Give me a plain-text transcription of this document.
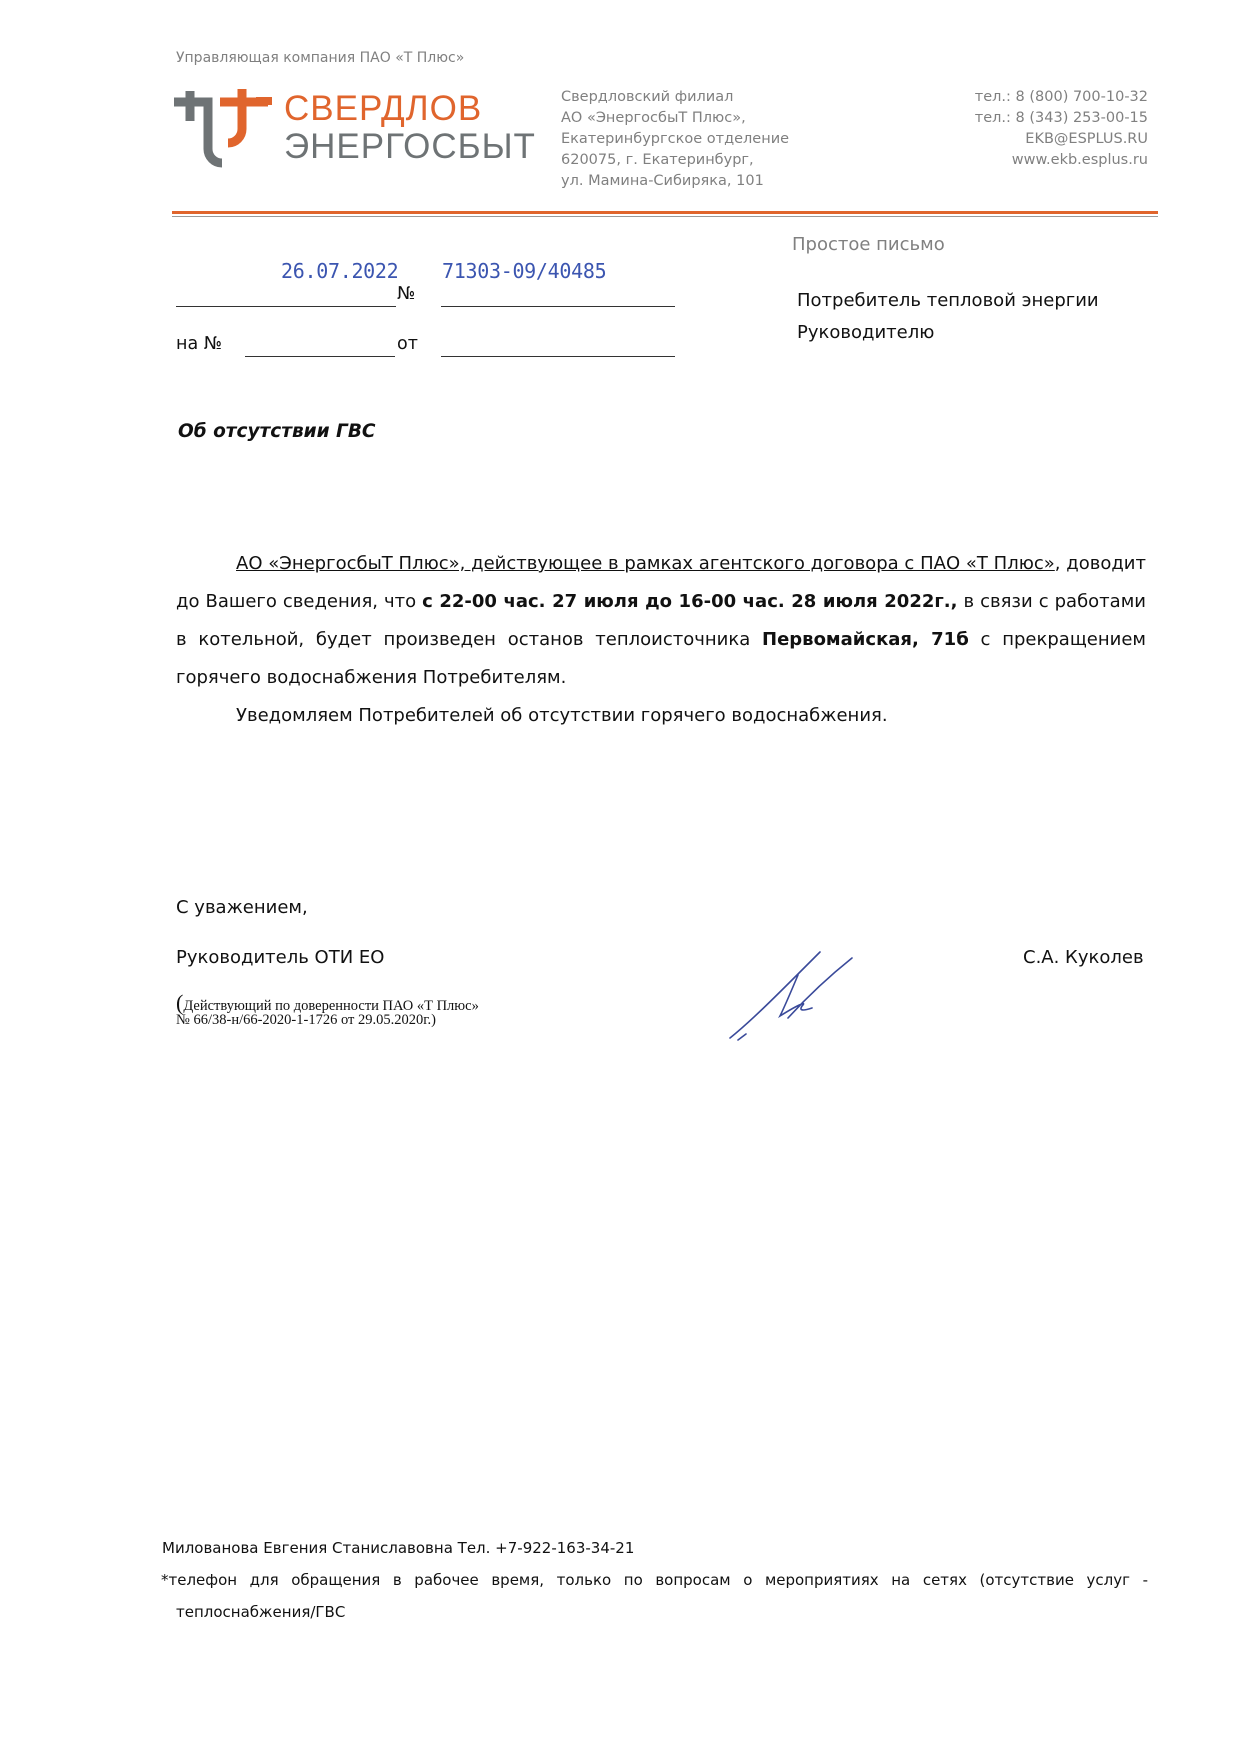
Управляющая компания ПАО «Т Плюс»
СВЕРДЛОВ
ЭНЕРГОСБЫТ
Свердловский филиал
АО «ЭнергосбыТ Плюс»,
Екатеринбургское отделение
620075, г. Екатеринбург,
ул. Мамина-Сибиряка, 101
тел.: 8 (800) 700-10-32
тел.: 8 (343) 253-00-15
EKB@ESPLUS.RU
www.ekb.esplus.ru
26.07.2022 71303-09/40485
№
на №	от
Простое письмо
Потребитель тепловой энергии
Руководителю
Об отсутствии ГВС

АО «ЭнергосбыТ Плюс», действующее в рамках агентского договора с ПАО «Т Плюс», доводит до Вашего сведения, что с 22-00 час. 27 июля до 16-00 час. 28 июля 2022г., в связи с работами в котельной, будет произведен останов теплоисточника Первомайская, 71б с прекращением горячего водоснабжения Потребителям.

Уведомляем Потребителей об отсутствии горячего водоснабжения.

С уважением,
Руководитель ОТИ ЕО	С.А. Куколев
(Действующий по доверенности ПАО «Т Плюс»
№ 66/38-н/66-2020-1-1726 от 29.05.2020г.)
Милованова Евгения Станиславовна Тел. +7-922-163-34-21
*телефон для обращения в рабочее время, только по вопросам о мероприятиях на сетях (отсутствие услуг -
теплоснабжения/ГВС
